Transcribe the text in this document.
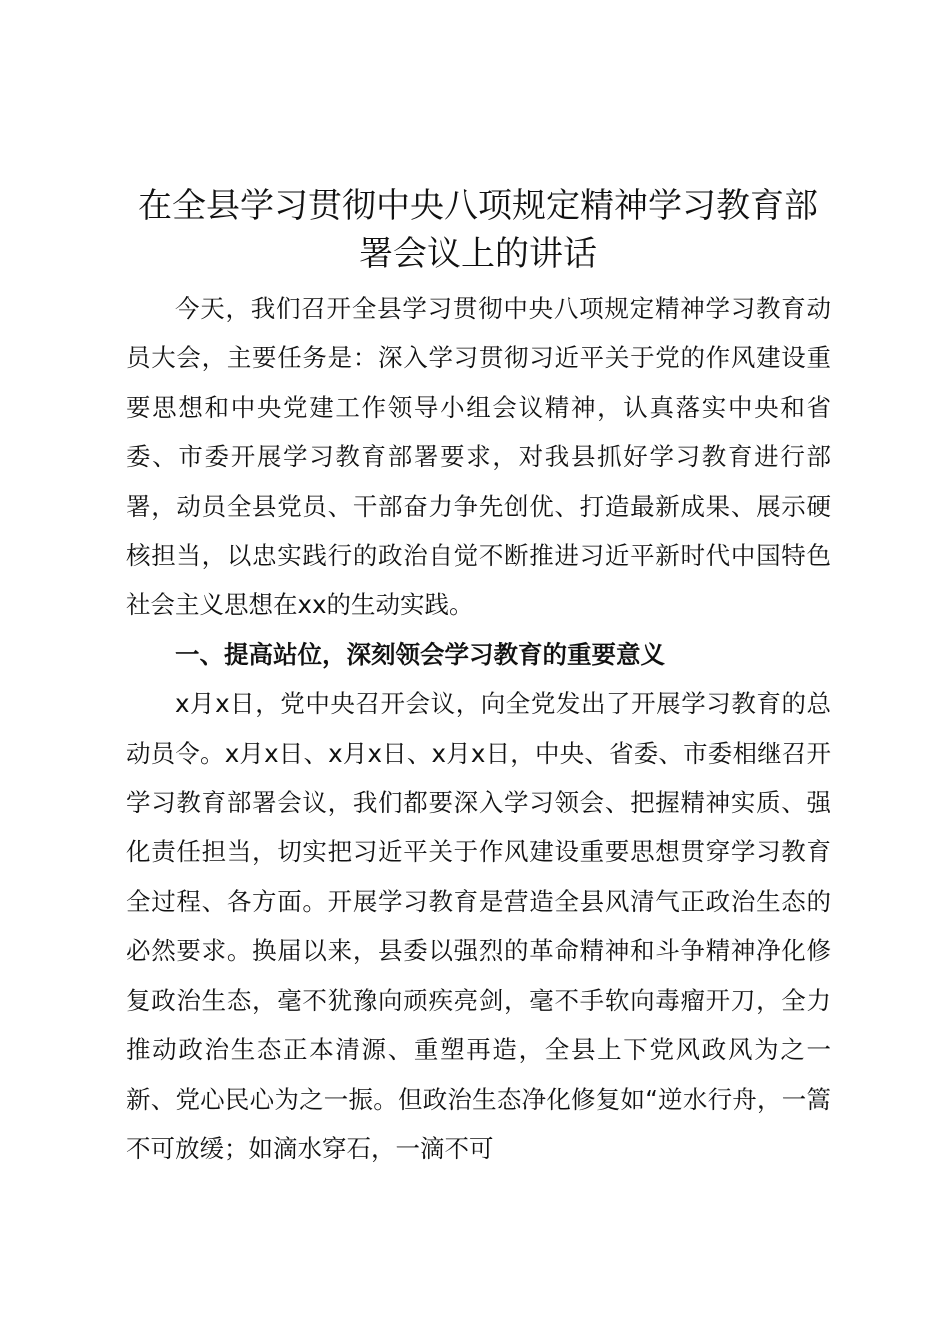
在全县学习贯彻中央八项规定精神学习教育部
署会议上的讲话

今天，我们召开全县学习贯彻中央八项规定精神学习教育动员大会，主要任务是：深入学习贯彻习近平关于党的作风建设重要思想和中央党建工作领导小组会议精神，认真落实中央和省委、市委开展学习教育部署要求，对我县抓好学习教育进行部署，动员全县党员、干部奋力争先创优、打造最新成果、展示硬核担当，以忠实践行的政治自觉不断推进习近平新时代中国特色社会主义思想在xx的生动实践。

一、提高站位，深刻领会学习教育的重要意义

x月x日，党中央召开会议，向全党发出了开展学习教育的总动员令。x月x日、x月x日、x月x日，中央、省委、市委相继召开学习教育部署会议，我们都要深入学习领会、把握精神实质、强化责任担当，切实把习近平关于作风建设重要思想贯穿学习教育全过程、各方面。开展学习教育是营造全县风清气正政治生态的必然要求。换届以来，县委以强烈的革命精神和斗争精神净化修复政治生态，毫不犹豫向顽疾亮剑，毫不手软向毒瘤开刀，全力推动政治生态正本清源、重塑再造，全县上下党风政风为之一新、党心民心为之一振。但政治生态净化修复如“逆水行舟，一篙不可放缓；如滴水穿石，一滴不可
